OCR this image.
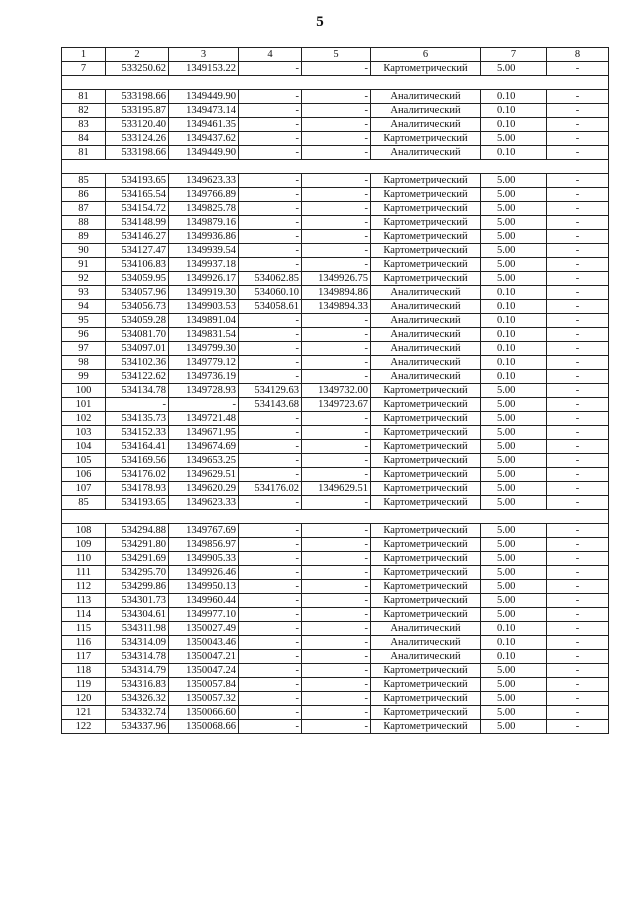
5
1	2	3	4	5	6	7	8
7	533250.62	1349153.22	-	-	Картометрический	5.00	-

81	533198.66	1349449.90	-	-	Аналитический	0.10	-
82	533195.87	1349473.14	-	-	Аналитический	0.10	-
83	533120.40	1349461.35	-	-	Аналитический	0.10	-
84	533124.26	1349437.62	-	-	Картометрический	5.00	-
81	533198.66	1349449.90	-	-	Аналитический	0.10	-

85	534193.65	1349623.33	-	-	Картометрический	5.00	-
86	534165.54	1349766.89	-	-	Картометрический	5.00	-
87	534154.72	1349825.78	-	-	Картометрический	5.00	-
88	534148.99	1349879.16	-	-	Картометрический	5.00	-
89	534146.27	1349936.86	-	-	Картометрический	5.00	-
90	534127.47	1349939.54	-	-	Картометрический	5.00	-
91	534106.83	1349937.18	-	-	Картометрический	5.00	-
92	534059.95	1349926.17	534062.85	1349926.75	Картометрический	5.00	-
93	534057.96	1349919.30	534060.10	1349894.86	Аналитический	0.10	-
94	534056.73	1349903.53	534058.61	1349894.33	Аналитический	0.10	-
95	534059.28	1349891.04	-	-	Аналитический	0.10	-
96	534081.70	1349831.54	-	-	Аналитический	0.10	-
97	534097.01	1349799.30	-	-	Аналитический	0.10	-
98	534102.36	1349779.12	-	-	Аналитический	0.10	-
99	534122.62	1349736.19	-	-	Аналитический	0.10	-
100	534134.78	1349728.93	534129.63	1349732.00	Картометрический	5.00	-
101	-	-	534143.68	1349723.67	Картометрический	5.00	-
102	534135.73	1349721.48	-	-	Картометрический	5.00	-
103	534152.33	1349671.95	-	-	Картометрический	5.00	-
104	534164.41	1349674.69	-	-	Картометрический	5.00	-
105	534169.56	1349653.25	-	-	Картометрический	5.00	-
106	534176.02	1349629.51	-	-	Картометрический	5.00	-
107	534178.93	1349620.29	534176.02	1349629.51	Картометрический	5.00	-
85	534193.65	1349623.33	-	-	Картометрический	5.00	-

108	534294.88	1349767.69	-	-	Картометрический	5.00	-
109	534291.80	1349856.97	-	-	Картометрический	5.00	-
110	534291.69	1349905.33	-	-	Картометрический	5.00	-
111	534295.70	1349926.46	-	-	Картометрический	5.00	-
112	534299.86	1349950.13	-	-	Картометрический	5.00	-
113	534301.73	1349960.44	-	-	Картометрический	5.00	-
114	534304.61	1349977.10	-	-	Картометрический	5.00	-
115	534311.98	1350027.49	-	-	Аналитический	0.10	-
116	534314.09	1350043.46	-	-	Аналитический	0.10	-
117	534314.78	1350047.21	-	-	Аналитический	0.10	-
118	534314.79	1350047.24	-	-	Картометрический	5.00	-
119	534316.83	1350057.84	-	-	Картометрический	5.00	-
120	534326.32	1350057.32	-	-	Картометрический	5.00	-
121	534332.74	1350066.60	-	-	Картометрический	5.00	-
122	534337.96	1350068.66	-	-	Картометрический	5.00	-
